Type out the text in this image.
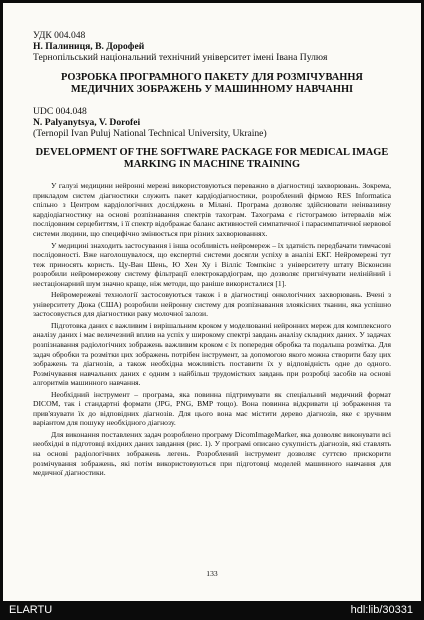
УДК 004.048
Н. Палиниця, В. Дорофей
Тернопільський національний технічний університет імені Івана Пулюя
РОЗРОБКА ПРОГРАМНОГО ПАКЕТУ ДЛЯ РОЗМІЧУВАННЯ
МЕДИЧНИХ ЗОБРАЖЕНЬ У МАШИННОМУ НАВЧАННІ
UDC 004.048
N. Palyanytsya, V. Dorofei
(Ternopil Ivan Puluj National Technical University, Ukraine)
DEVELOPMENT OF THE SOFTWARE PACKAGE FOR MEDICAL IMAGE
MARKING IN MACHINE TRAINING

У галузі медицини нейронні мережі використовуються переважно в діагностиці захворювань. Зокрема, прикладом систем діагностики служить пакет кардіодіагностики, розроблений фірмою RES Informatica спільно з Центром кардіологічних досліджень в Мілані. Програма дозволяє здійснювати неінвазивну кардіодіагностику на основі розпізнавання спектрів тахограм. Тахограма є гістограмою інтервалів між послідовним серцебиттям, і її спектр відображає баланс активностей симпатичної і парасимпатичної нервової системи людини, що специфічно змінюється при різних захворюваннях.

У медицині знаходить застосування і інша особливість нейромереж – їх здатність передбачати тимчасові послідовності. Вже наголошувалося, що експертні системи досягли успіху в аналізі ЕКГ. Нейромережі тут теж приносять користь. Цу-Ван Шень, Ю Хен Ху і Вілліс Томпкінс з університету штату Вісконсин розробили нейромережову систему фільтрації електрокардіограм, що дозволяє пригнічувати нелінійний і нестаціонарний шум значно краще, ніж методи, що раніше використалися [1].

Нейромережеві технології застосовуються також і в діагностиці онкологічних захворювань. Вчені з університету Дюка (США) розробили нейронну систему для розпізнавання злоякісних тканин, яка успішно застосовується для діагностики раку молочної залози.

Підготовка даних є важливим і вирішальним кроком у моделюванні нейронних мереж для комплексного аналізу даних і має величезний вплив на успіх у широкому спектрі завдань аналізу складних даних. У задачах розпізнавання радіологічних зображень важливим кроком є їх попередня обробка та подальша розмітка. Для задач обробки та розмітки цих зображень потрібен інструмент, за допомогою якого можна створити базу цих зображень та діагнозів, а також необхідна можливість поставити їх у відповідність одне до одного. Розмічування навчальних даних є одним з найбільш трудомістких завдань при розробці засобів на основі алгоритмів машинного навчання.

Необхідний інструмент – програма, яка повинна підтримувати як спеціальний медичний формат DICOM, так і стандартні формати (JPG, PNG, BMP тощо). Вона повинна відкривати ці зображення та прив'язувати їх до відповідних діагнозів. Для цього вона має містити дерево діагнозів, яке є зручним варіантом для пошуку необхідного діагнозу.

Для виконання поставлених задач розроблено програму DicomImageMarker, яка дозволяє виконувати всі необхідні в підготовці вхідних даних завдання (рис. 1). У програмі описано сукупність діагнозів, які ставлять на основі радіологічних зображень легень. Розроблений інструмент дозволяє суттєво прискорити розмічування зображень, які потім використовуються при підготовці моделей машинного навчання для медичної діагностики.

133
ELARTU	hdl:lib/30331
